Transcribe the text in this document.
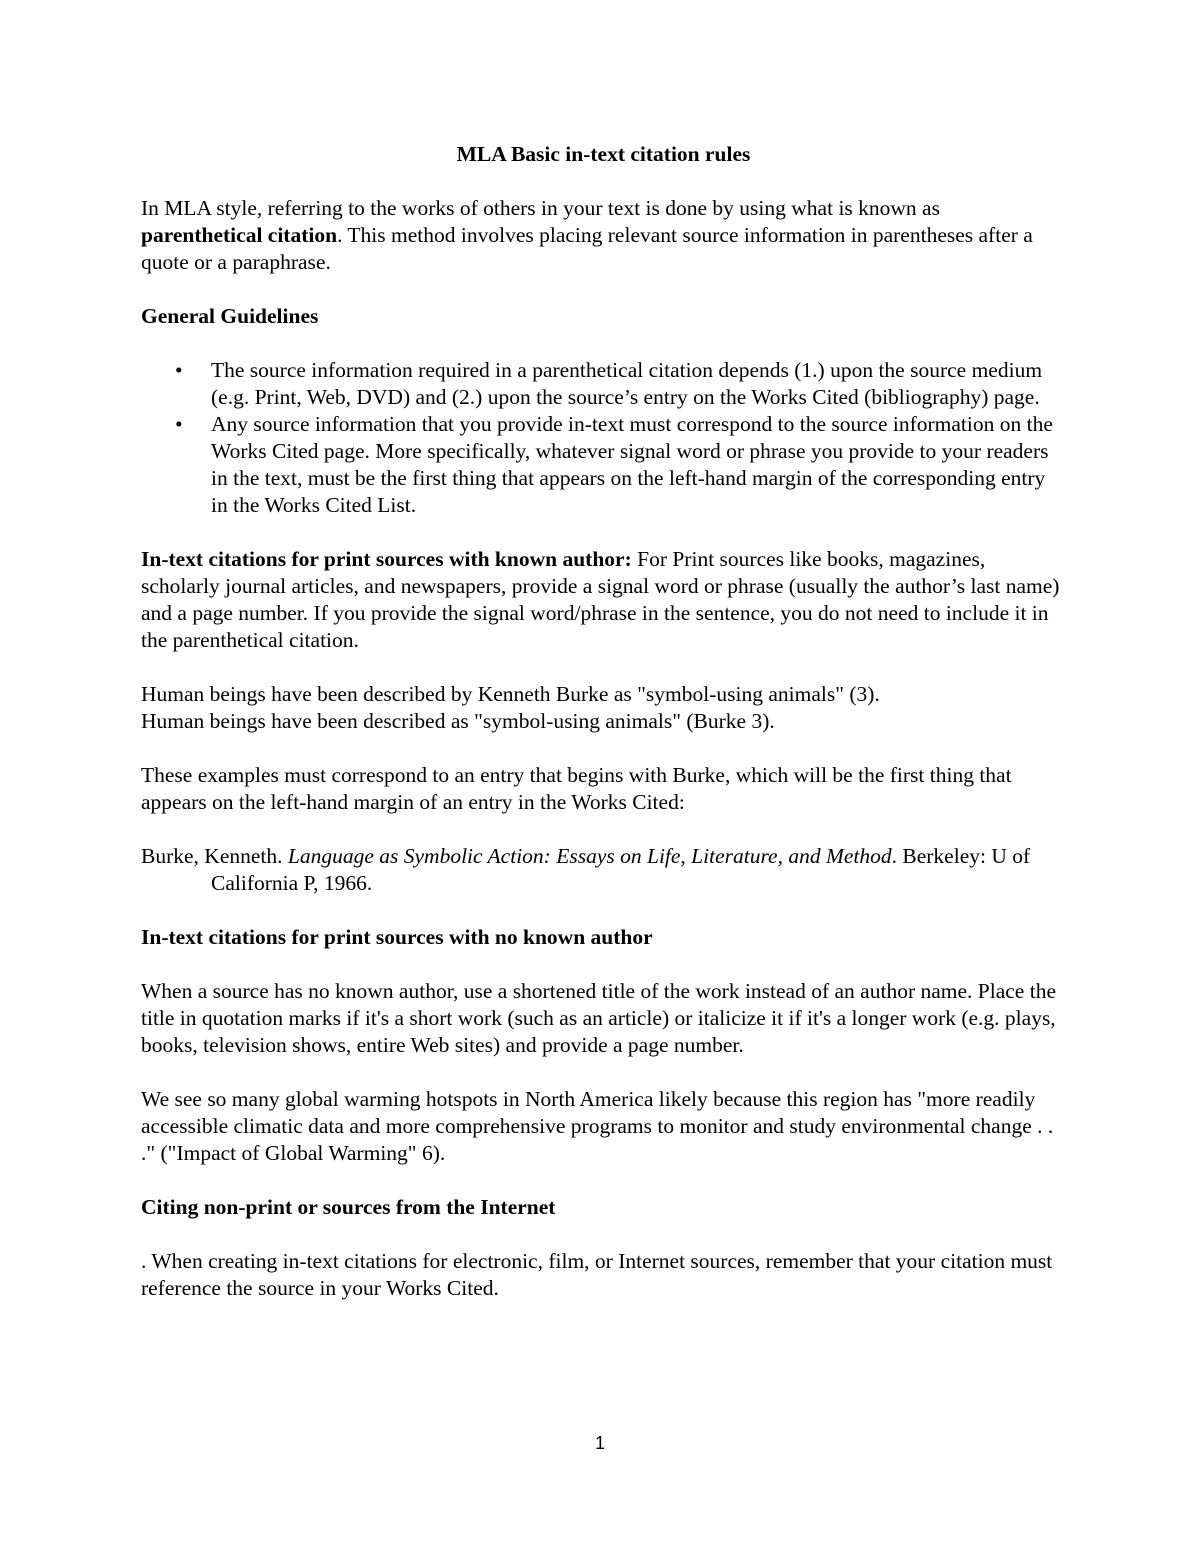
MLA Basic in-text citation rules

In MLA style, referring to the works of others in your text is done by using what is known as parenthetical citation. This method involves placing relevant source information in parentheses after a quote or a paraphrase.

General Guidelines
• The source information required in a parenthetical citation depends (1.) upon the source medium (e.g. Print, Web, DVD) and (2.) upon the source’s entry on the Works Cited (bibliography) page.
• Any source information that you provide in-text must correspond to the source information on the Works Cited page. More specifically, whatever signal word or phrase you provide to your readers in the text, must be the first thing that appears on the left-hand margin of the corresponding entry in the Works Cited List.

In-text citations for print sources with known author: For Print sources like books, magazines, scholarly journal articles, and newspapers, provide a signal word or phrase (usually the author’s last name) and a page number. If you provide the signal word/phrase in the sentence, you do not need to include it in the parenthetical citation.

Human beings have been described by Kenneth Burke as "symbol-using animals" (3).

Human beings have been described as "symbol-using animals" (Burke 3).

These examples must correspond to an entry that begins with Burke, which will be the first thing that appears on the left-hand margin of an entry in the Works Cited:

Burke, Kenneth. Language as Symbolic Action: Essays on Life, Literature, and Method. Berkeley: U of California P, 1966.

In-text citations for print sources with no known author

When a source has no known author, use a shortened title of the work instead of an author name. Place the title in quotation marks if it's a short work (such as an article) or italicize it if it's a longer work (e.g. plays, books, television shows, entire Web sites) and provide a page number.

We see so many global warming hotspots in North America likely because this region has "more readily accessible climatic data and more comprehensive programs to monitor and study environmental change . . ." ("Impact of Global Warming" 6).

Citing non-print or sources from the Internet

. When creating in-text citations for electronic, film, or Internet sources, remember that your citation must reference the source in your Works Cited.

1
